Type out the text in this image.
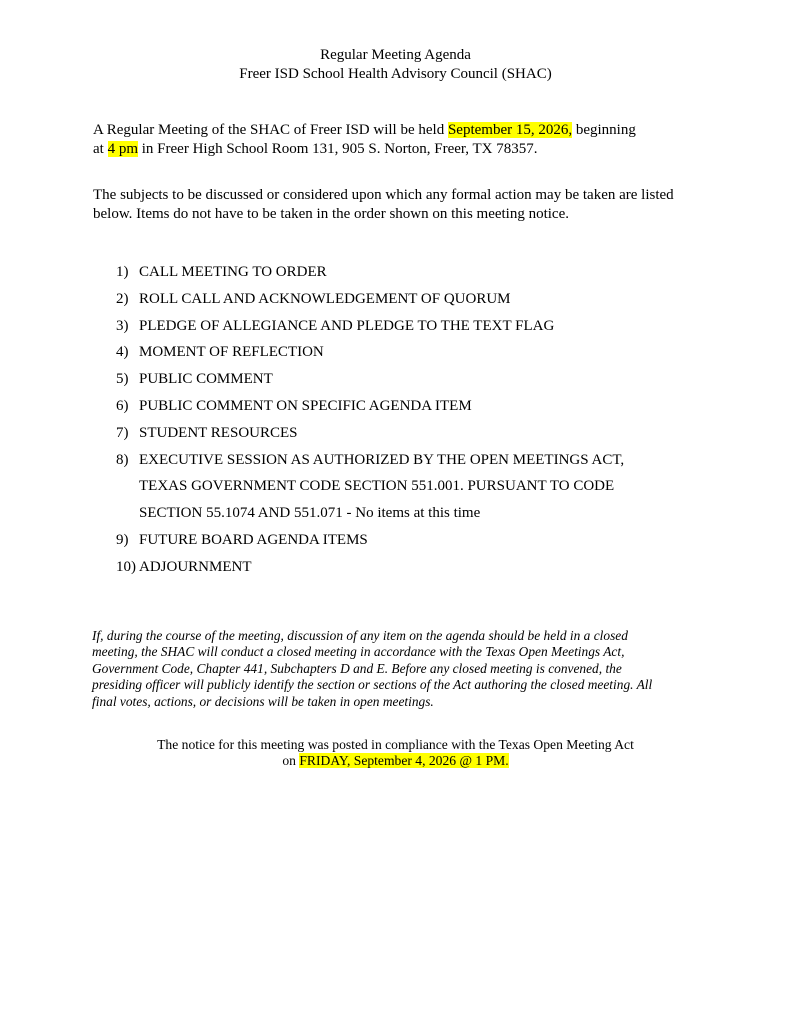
Regular Meeting Agenda
Freer ISD School Health Advisory Council (SHAC)
A Regular Meeting of the SHAC of Freer ISD will be held September 15, 2026, beginning
at 4 pm in Freer High School Room 131, 905 S. Norton, Freer, TX 78357.
The subjects to be discussed or considered upon which any formal action may be taken are listed
below. Items do not have to be taken in the order shown on this meeting notice.
1) CALL MEETING TO ORDER
2) ROLL CALL AND ACKNOWLEDGEMENT OF QUORUM
3) PLEDGE OF ALLEGIANCE AND PLEDGE TO THE TEXT FLAG
4) MOMENT OF REFLECTION
5) PUBLIC COMMENT
6) PUBLIC COMMENT ON SPECIFIC AGENDA ITEM
7) STUDENT RESOURCES
8) EXECUTIVE SESSION AS AUTHORIZED BY THE OPEN MEETINGS ACT,
TEXAS GOVERNMENT CODE SECTION 551.001. PURSUANT TO CODE
SECTION 55.1074 AND 551.071 - No items at this time
9) FUTURE BOARD AGENDA ITEMS
10) ADJOURNMENT
If, during the course of the meeting, discussion of any item on the agenda should be held in a closed
meeting, the SHAC will conduct a closed meeting in accordance with the Texas Open Meetings Act,
Government Code, Chapter 441, Subchapters D and E. Before any closed meeting is convened, the
presiding officer will publicly identify the section or sections of the Act authoring the closed meeting. All
final votes, actions, or decisions will be taken in open meetings.
The notice for this meeting was posted in compliance with the Texas Open Meeting Act
on FRIDAY, September 4, 2026 @ 1 PM.
